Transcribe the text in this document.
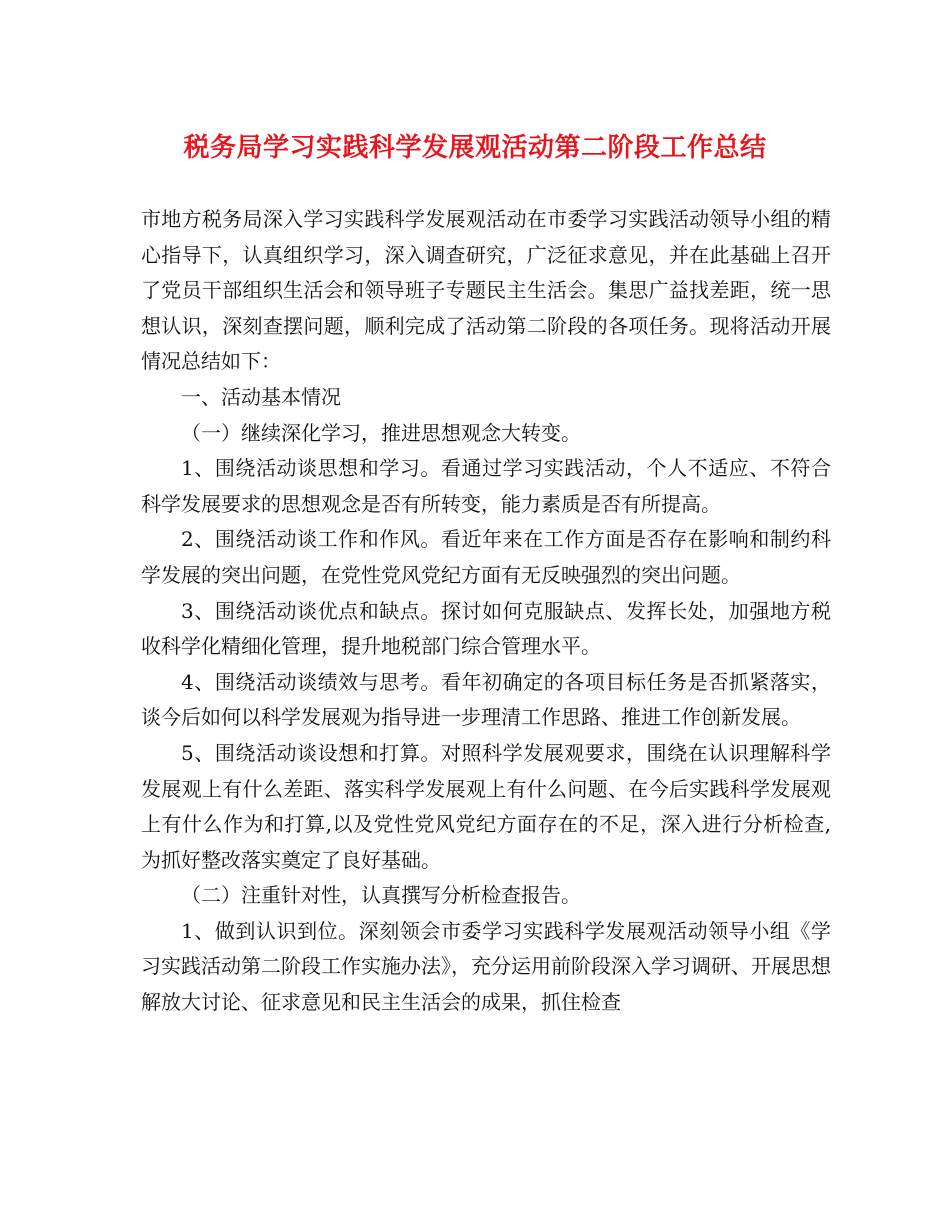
税务局学习实践科学发展观活动第二阶段工作总结

市地方税务局深入学习实践科学发展观活动在市委学习实践活动领导小组的精心指导下，认真组织学习，深入调查研究，广泛征求意见，并在此基础上召开了党员干部组织生活会和领导班子专题民主生活会。集思广益找差距，统一思想认识，深刻查摆问题，顺利完成了活动第二阶段的各项任务。现将活动开展情况总结如下：

一、活动基本情况

（一）继续深化学习，推进思想观念大转变。

1、围绕活动谈思想和学习。看通过学习实践活动，个人不适应、不符合科学发展要求的思想观念是否有所转变，能力素质是否有所提高。

2、围绕活动谈工作和作风。看近年来在工作方面是否存在影响和制约科学发展的突出问题，在党性党风党纪方面有无反映强烈的突出问题。

3、围绕活动谈优点和缺点。探讨如何克服缺点、发挥长处，加强地方税收科学化精细化管理，提升地税部门综合管理水平。

4、围绕活动谈绩效与思考。看年初确定的各项目标任务是否抓紧落实，谈今后如何以科学发展观为指导进一步理清工作思路、推进工作创新发展。

5、围绕活动谈设想和打算。对照科学发展观要求，围绕在认识理解科学发展观上有什么差距、落实科学发展观上有什么问题、在今后实践科学发展观上有什么作为和打算,以及党性党风党纪方面存在的不足，深入进行分析检查,为抓好整改落实奠定了良好基础。

（二）注重针对性，认真撰写分析检查报告。

1、做到认识到位。深刻领会市委学习实践科学发展观活动领导小组《学习实践活动第二阶段工作实施办法》，充分运用前阶段深入学习调研、开展思想解放大讨论、征求意见和民主生活会的成果，抓住检查
